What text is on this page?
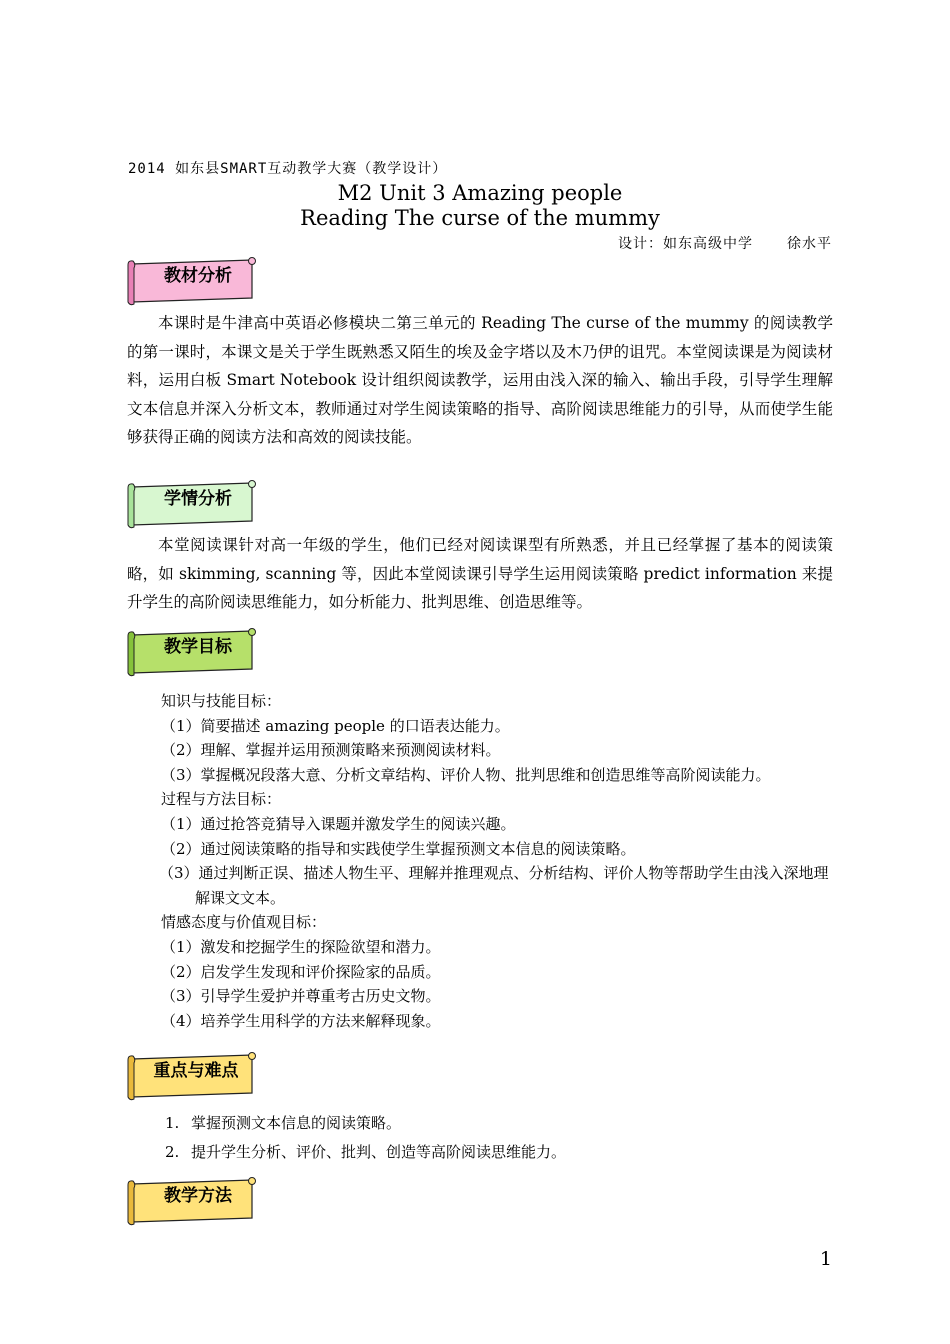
2014 如东县SMART互动教学大赛（教学设计）
M2 Unit 3 Amazing people
Reading The curse of the mummy
设计：如东高级中学 徐水平
教材分析
本课时是牛津高中英语必修模块二第三单元的 Reading The curse of the mummy 的阅读教学的第一课时，本课文是关于学生既熟悉又陌生的埃及金字塔以及木乃伊的诅咒。本堂阅读课是为阅读材料，运用白板 Smart Notebook 设计组织阅读教学，运用由浅入深的输入、输出手段，引导学生理解文本信息并深入分析文本，教师通过对学生阅读策略的指导、高阶阅读思维能力的引导，从而使学生能够获得正确的阅读方法和高效的阅读技能。
学情分析
本堂阅读课针对高一年级的学生，他们已经对阅读课型有所熟悉，并且已经掌握了基本的阅读策略，如 skimming, scanning 等，因此本堂阅读课引导学生运用阅读策略 predict information 来提升学生的高阶阅读思维能力，如分析能力、批判思维、创造思维等。
教学目标
知识与技能目标：
（1）简要描述 amazing people 的口语表达能力。
（2）理解、掌握并运用预测策略来预测阅读材料。
（3）掌握概况段落大意、分析文章结构、评价人物、批判思维和创造思维等高阶阅读能力。
过程与方法目标：
（1）通过抢答竞猜导入课题并激发学生的阅读兴趣。
（2）通过阅读策略的指导和实践使学生掌握预测文本信息的阅读策略。
（3）通过判断正误、描述人物生平、理解并推理观点、分析结构、评价人物等帮助学生由浅入深地理解课文文本。
情感态度与价值观目标：
（1）激发和挖掘学生的探险欲望和潜力。
（2）启发学生发现和评价探险家的品质。
（3）引导学生爱护并尊重考古历史文物。
（4）培养学生用科学的方法来解释现象。
重点与难点
1. 掌握预测文本信息的阅读策略。
2. 提升学生分析、评价、批判、创造等高阶阅读思维能力。
教学方法
1
